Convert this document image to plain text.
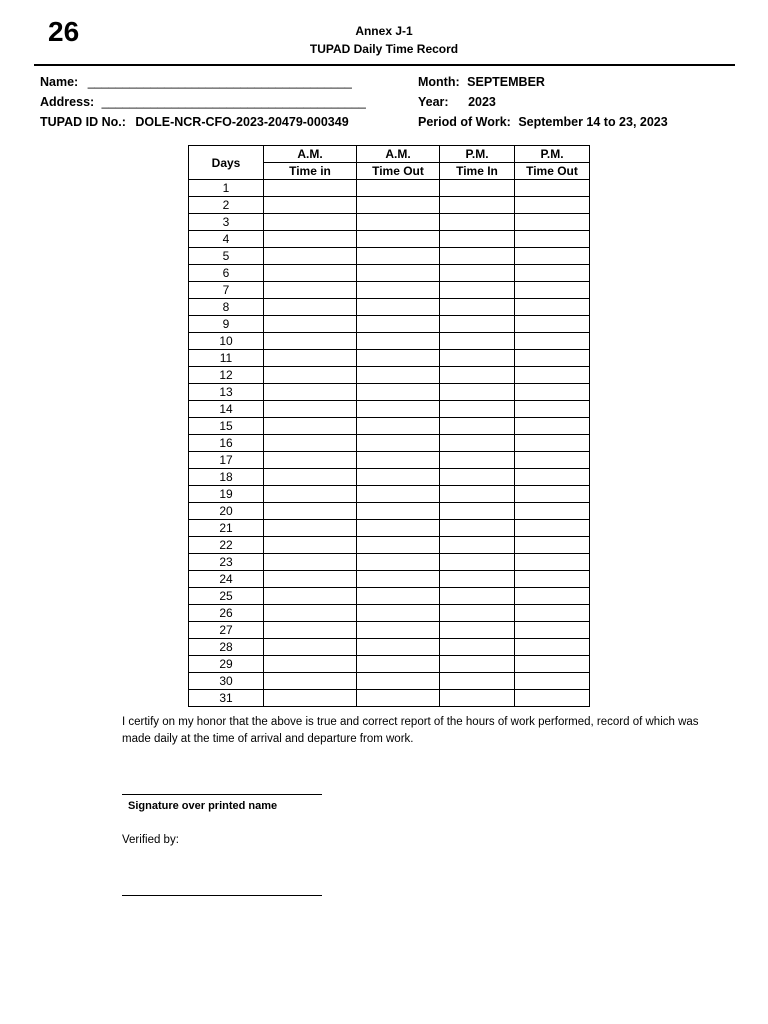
26	Annex J-1
TUPAD Daily Time Record
Name: ______________________________________
Address: ______________________________________
TUPAD ID No.: DOLE-NCR-CFO-2023-20479-000349
Month: SEPTEMBER
Year: 2023
Period of Work: September 14 to 23, 2023
Days	A.M.	A.M.	P.M.	P.M.
	Time in	Time Out	Time In	Time Out
1				
2				
3				
4				
5				
6				
7				
8				
9				
10				
11				
12				
13				
14				
15				
16				
17				
18				
19				
20				
21				
22				
23				
24				
25				
26				
27				
28				
29				
30				
31				
I certify on my honor that the above is true and correct report of the hours of work performed, record of which was made daily at the time of arrival and departure from work.
Signature over printed name
Verified by:
